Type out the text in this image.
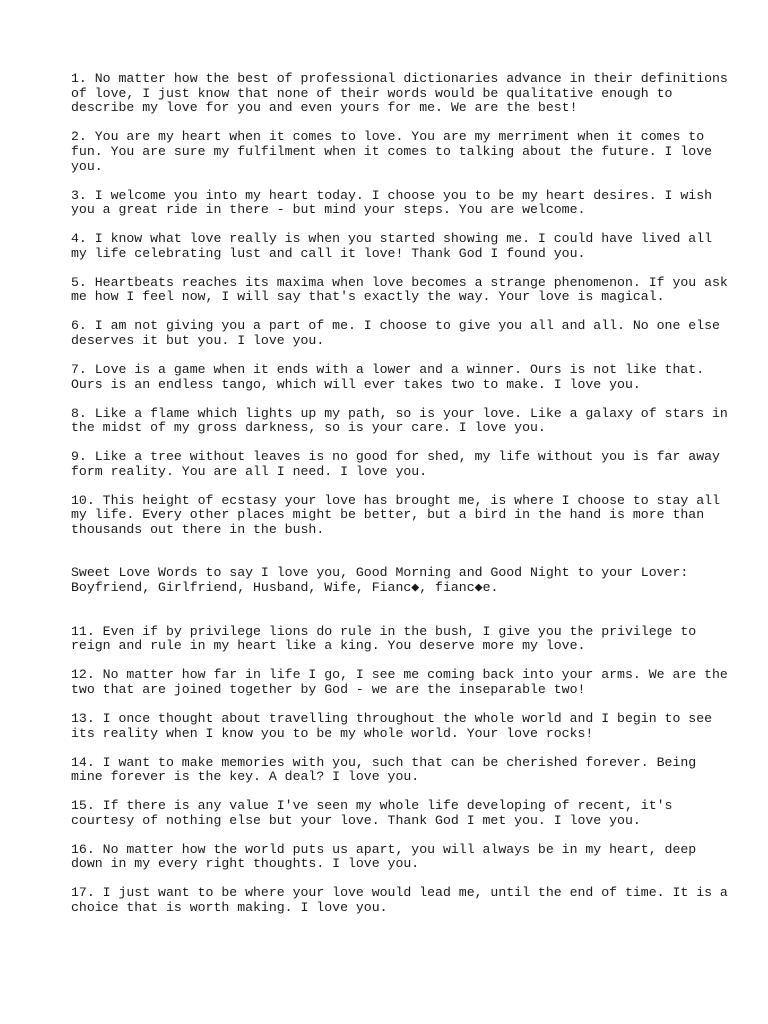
1. No matter how the best of professional dictionaries advance in their definitions
of love, I just know that none of their words would be qualitative enough to
describe my love for you and even yours for me. We are the best!

2. You are my heart when it comes to love. You are my merriment when it comes to
fun. You are sure my fulfilment when it comes to talking about the future. I love
you.

3. I welcome you into my heart today. I choose you to be my heart desires. I wish
you a great ride in there - but mind your steps. You are welcome.

4. I know what love really is when you started showing me. I could have lived all
my life celebrating lust and call it love! Thank God I found you.

5. Heartbeats reaches its maxima when love becomes a strange phenomenon. If you ask
me how I feel now, I will say that's exactly the way. Your love is magical.

6. I am not giving you a part of me. I choose to give you all and all. No one else
deserves it but you. I love you.

7. Love is a game when it ends with a lower and a winner. Ours is not like that.
Ours is an endless tango, which will ever takes two to make. I love you.

8. Like a flame which lights up my path, so is your love. Like a galaxy of stars in
the midst of my gross darkness, so is your care. I love you.

9. Like a tree without leaves is no good for shed, my life without you is far away
form reality. You are all I need. I love you.

10. This height of ecstasy your love has brought me, is where I choose to stay all
my life. Every other places might be better, but a bird in the hand is more than
thousands out there in the bush.

Sweet Love Words to say I love you, Good Morning and Good Night to your Lover:
Boyfriend, Girlfriend, Husband, Wife, Fianc◆, fianc◆e.

11. Even if by privilege lions do rule in the bush, I give you the privilege to
reign and rule in my heart like a king. You deserve more my love.

12. No matter how far in life I go, I see me coming back into your arms. We are the
two that are joined together by God - we are the inseparable two!

13. I once thought about travelling throughout the whole world and I begin to see
its reality when I know you to be my whole world. Your love rocks!

14. I want to make memories with you, such that can be cherished forever. Being
mine forever is the key. A deal? I love you.

15. If there is any value I've seen my whole life developing of recent, it's
courtesy of nothing else but your love. Thank God I met you. I love you.

16. No matter how the world puts us apart, you will always be in my heart, deep
down in my every right thoughts. I love you.

17. I just want to be where your love would lead me, until the end of time. It is a
choice that is worth making. I love you.
